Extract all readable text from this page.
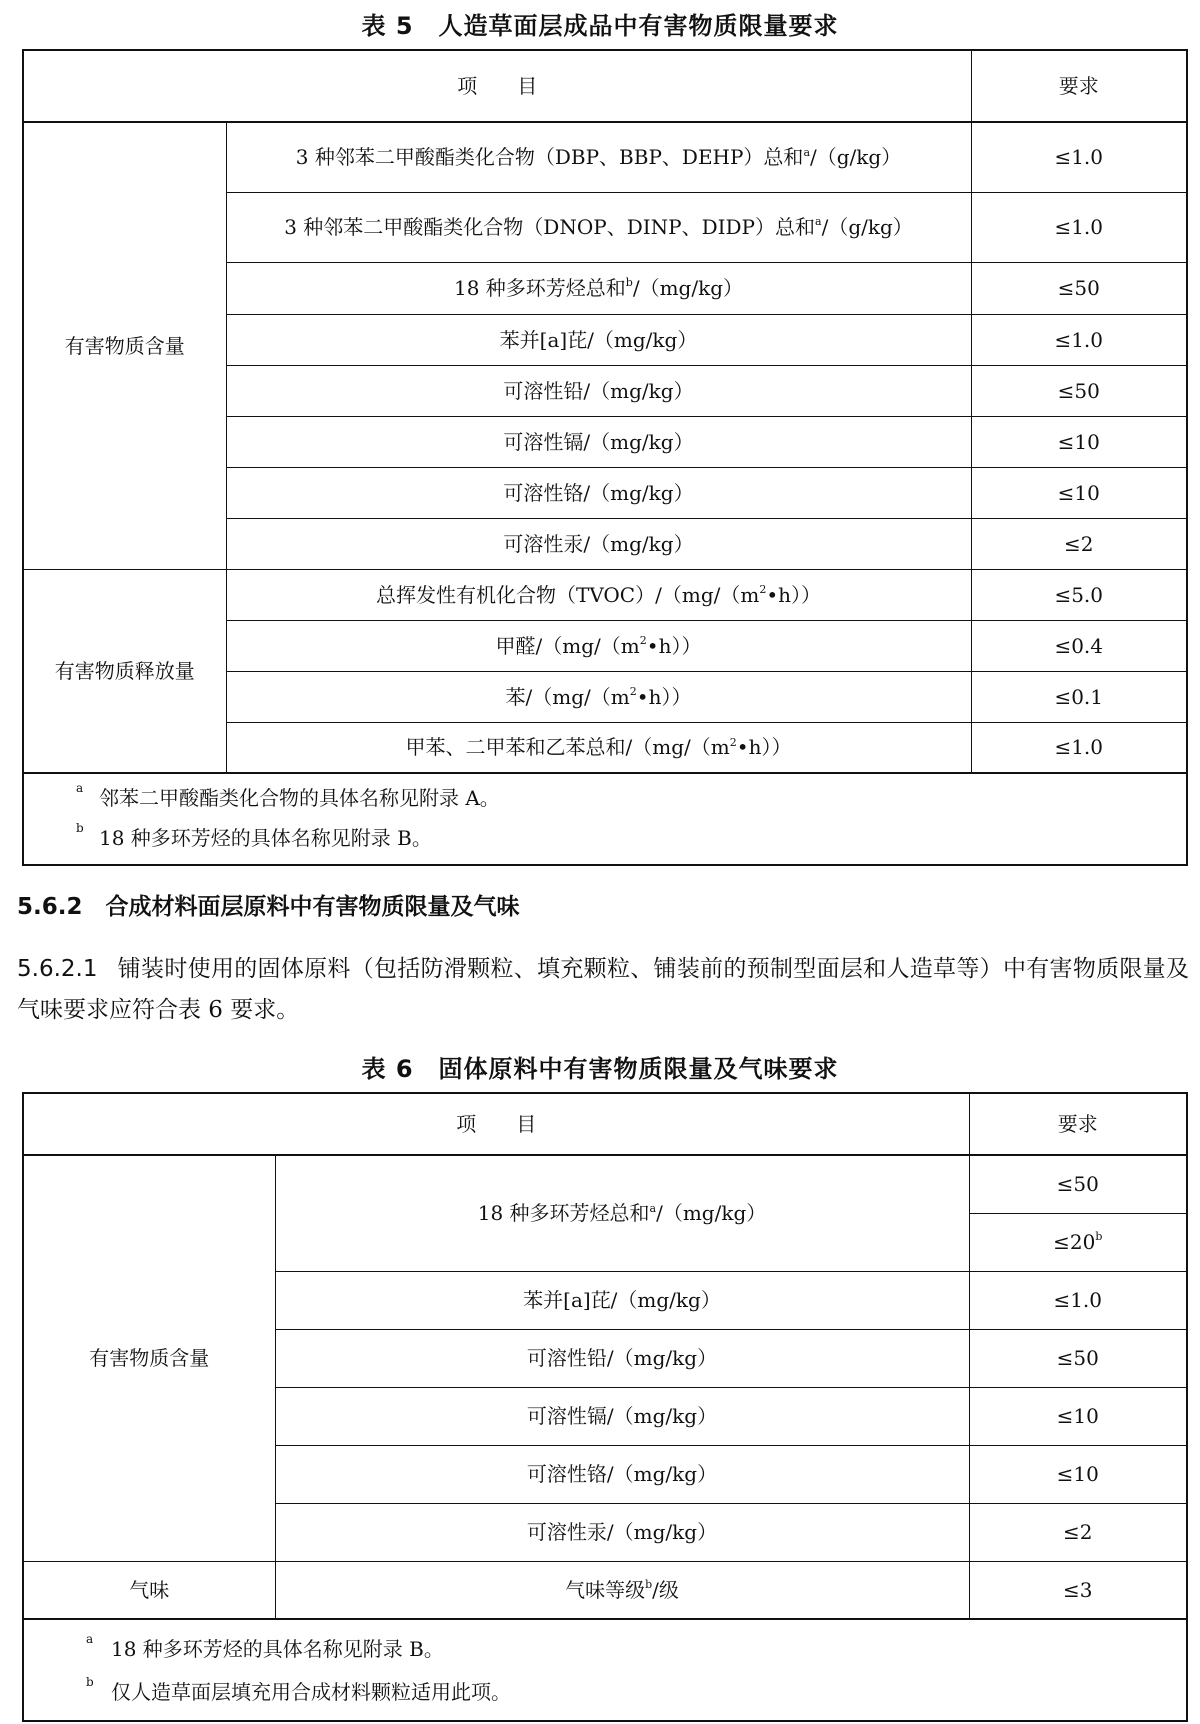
表 5　人造草面层成品中有害物质限量要求
项　　目		要求
有害物质含量	3 种邻苯二甲酸酯类化合物（DBP、BBP、DEHP）总和$^a$/（g/kg）	≤1.0
	3 种邻苯二甲酸酯类化合物（DNOP、DINP、DIDP）总和$^a$/（g/kg）	≤1.0
	18 种多环芳烃总和$^b$/（mg/kg）	≤50
	苯并[a]芘/（mg/kg）	≤1.0
	可溶性铅/（mg/kg）	≤50
	可溶性镉/（mg/kg）	≤10
	可溶性铬/（mg/kg）	≤10
	可溶性汞/（mg/kg）	≤2
有害物质释放量	总挥发性有机化合物$(TVOC)/(mg/(m^2•h))$	≤5.0
	甲醛$/(mg/(m^2•h))$	≤0.4
	苯$/(mg/(m^2•h))$	≤0.1
	甲苯、二甲苯和乙苯总和$/(mg/(m^2•h))$	≤1.0

a 邻苯二甲酸酯类化合物的具体名称见附录 A。
b 18 种多环芳烃的具体名称见附录 B。		
5.6.2　合成材料面层原料中有害物质限量及气味
5.6.2.1 铺装时使用的固体原料（包括防滑颗粒、填充颗粒、铺装前的预制型面层和人造草等）中有害物质限量及气味要求应符合表 6 要求。
表 6　固体原料中有害物质限量及气味要求
项　　目		要求
有害物质含量	18 种多环芳烃总和$^a$/（mg/kg）	≤50
		$\le 20^b$
	苯并[a]芘/（mg/kg）	≤1.0
	可溶性铅/（mg/kg）	≤50
	可溶性镉/（mg/kg）	≤10
	可溶性铬/（mg/kg）	≤10
	可溶性汞/（mg/kg）	≤2
气味	气味等级$^b$/级	≤3

a 18 种多环芳烃的具体名称见附录 B。
b 仅人造草面层填充用合成材料颗粒适用此项。		
